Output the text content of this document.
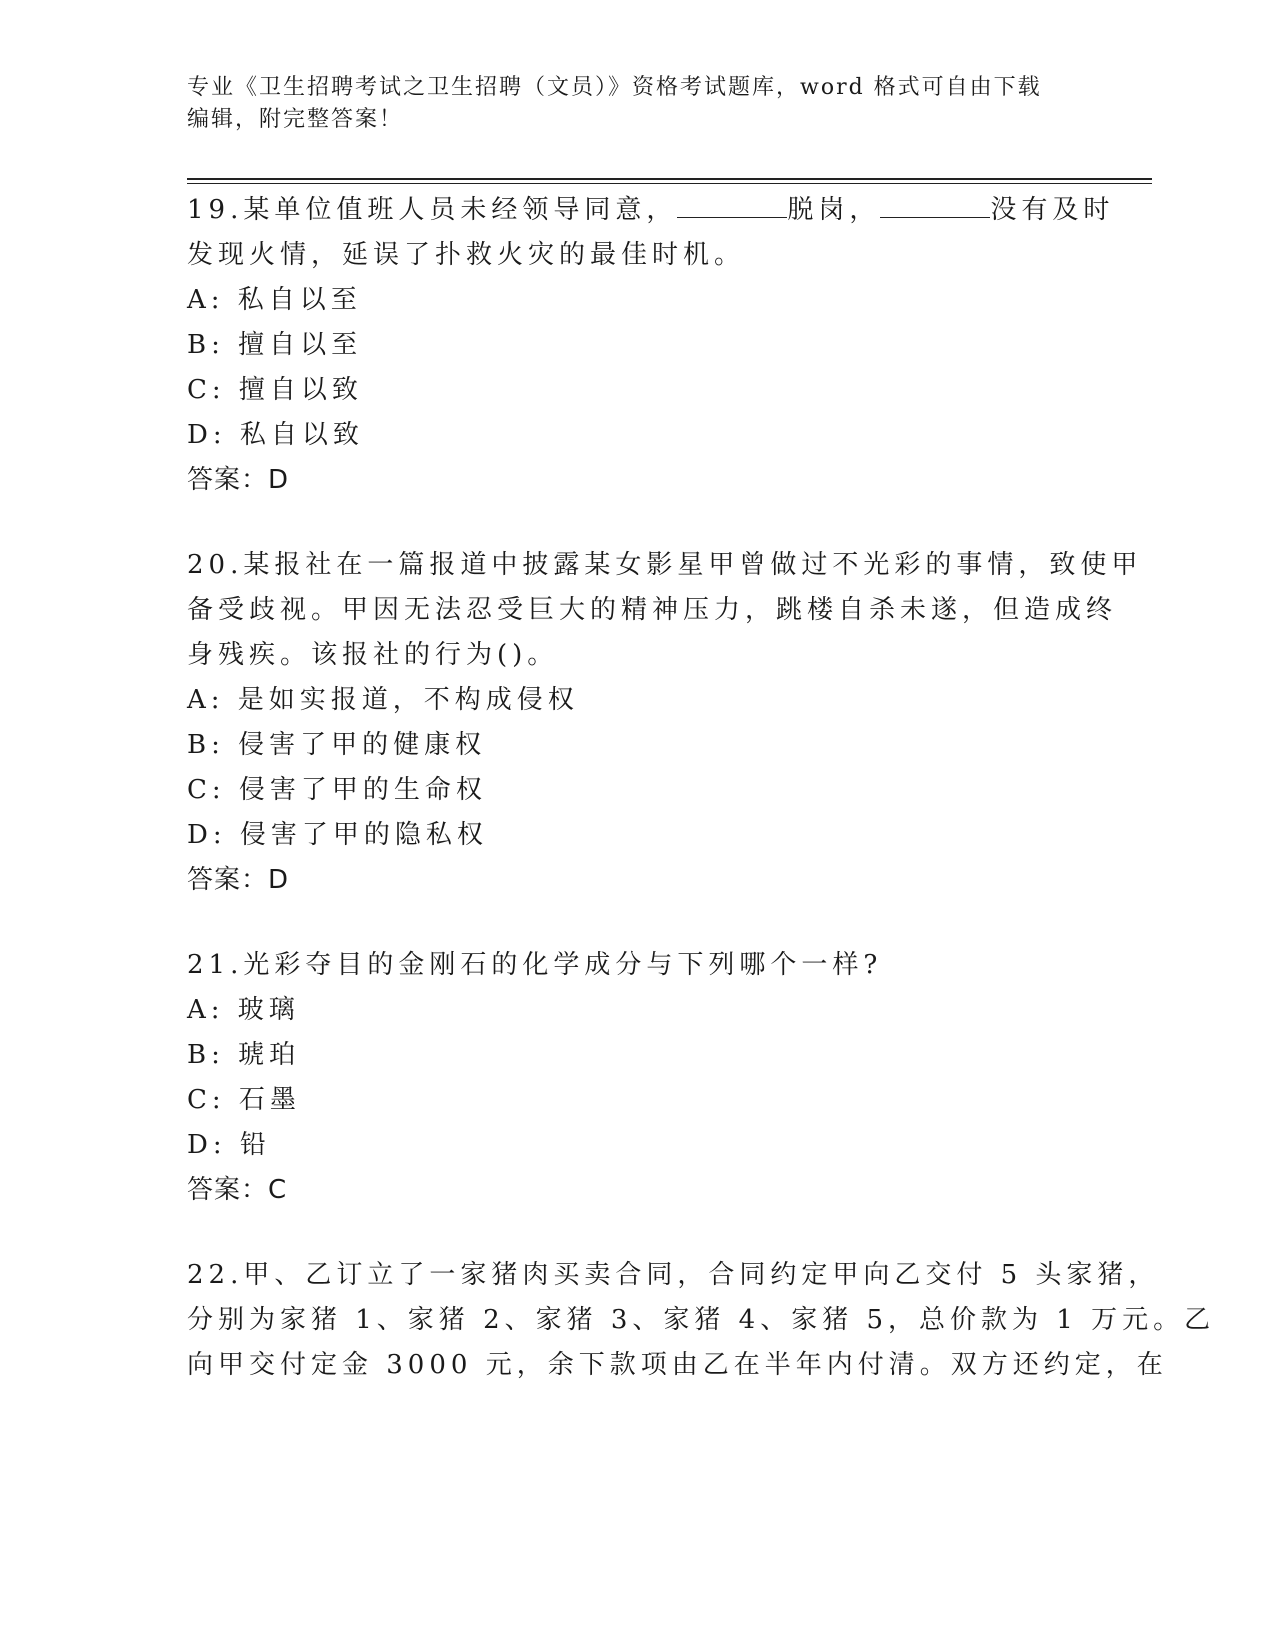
专业《卫生招聘考试之卫生招聘（文员）》资格考试题库，word 格式可自由下载
编辑，附完整答案！
19.某单位值班人员未经领导同意，	脱岗，	没有及时
发现火情，延误了扑救火灾的最佳时机。
A: 私自以至
B: 擅自以至
C: 擅自以致
D: 私自以致
答案：D
20.某报社在一篇报道中披露某女影星甲曾做过不光彩的事情，致使甲
备受歧视。甲因无法忍受巨大的精神压力，跳楼自杀未遂，但造成终
身残疾。该报社的行为()。
A: 是如实报道，不构成侵权
B: 侵害了甲的健康权
C: 侵害了甲的生命权
D: 侵害了甲的隐私权
答案：D
21.光彩夺目的金刚石的化学成分与下列哪个一样?
A: 玻璃
B: 琥珀
C: 石墨
D: 铅
答案：C
22.甲、乙订立了一家猪肉买卖合同，合同约定甲向乙交付 5 头家猪，
分别为家猪 1、家猪 2、家猪 3、家猪 4、家猪 5，总价款为 1 万元。乙
向甲交付定金 3000 元，余下款项由乙在半年内付清。双方还约定，在
